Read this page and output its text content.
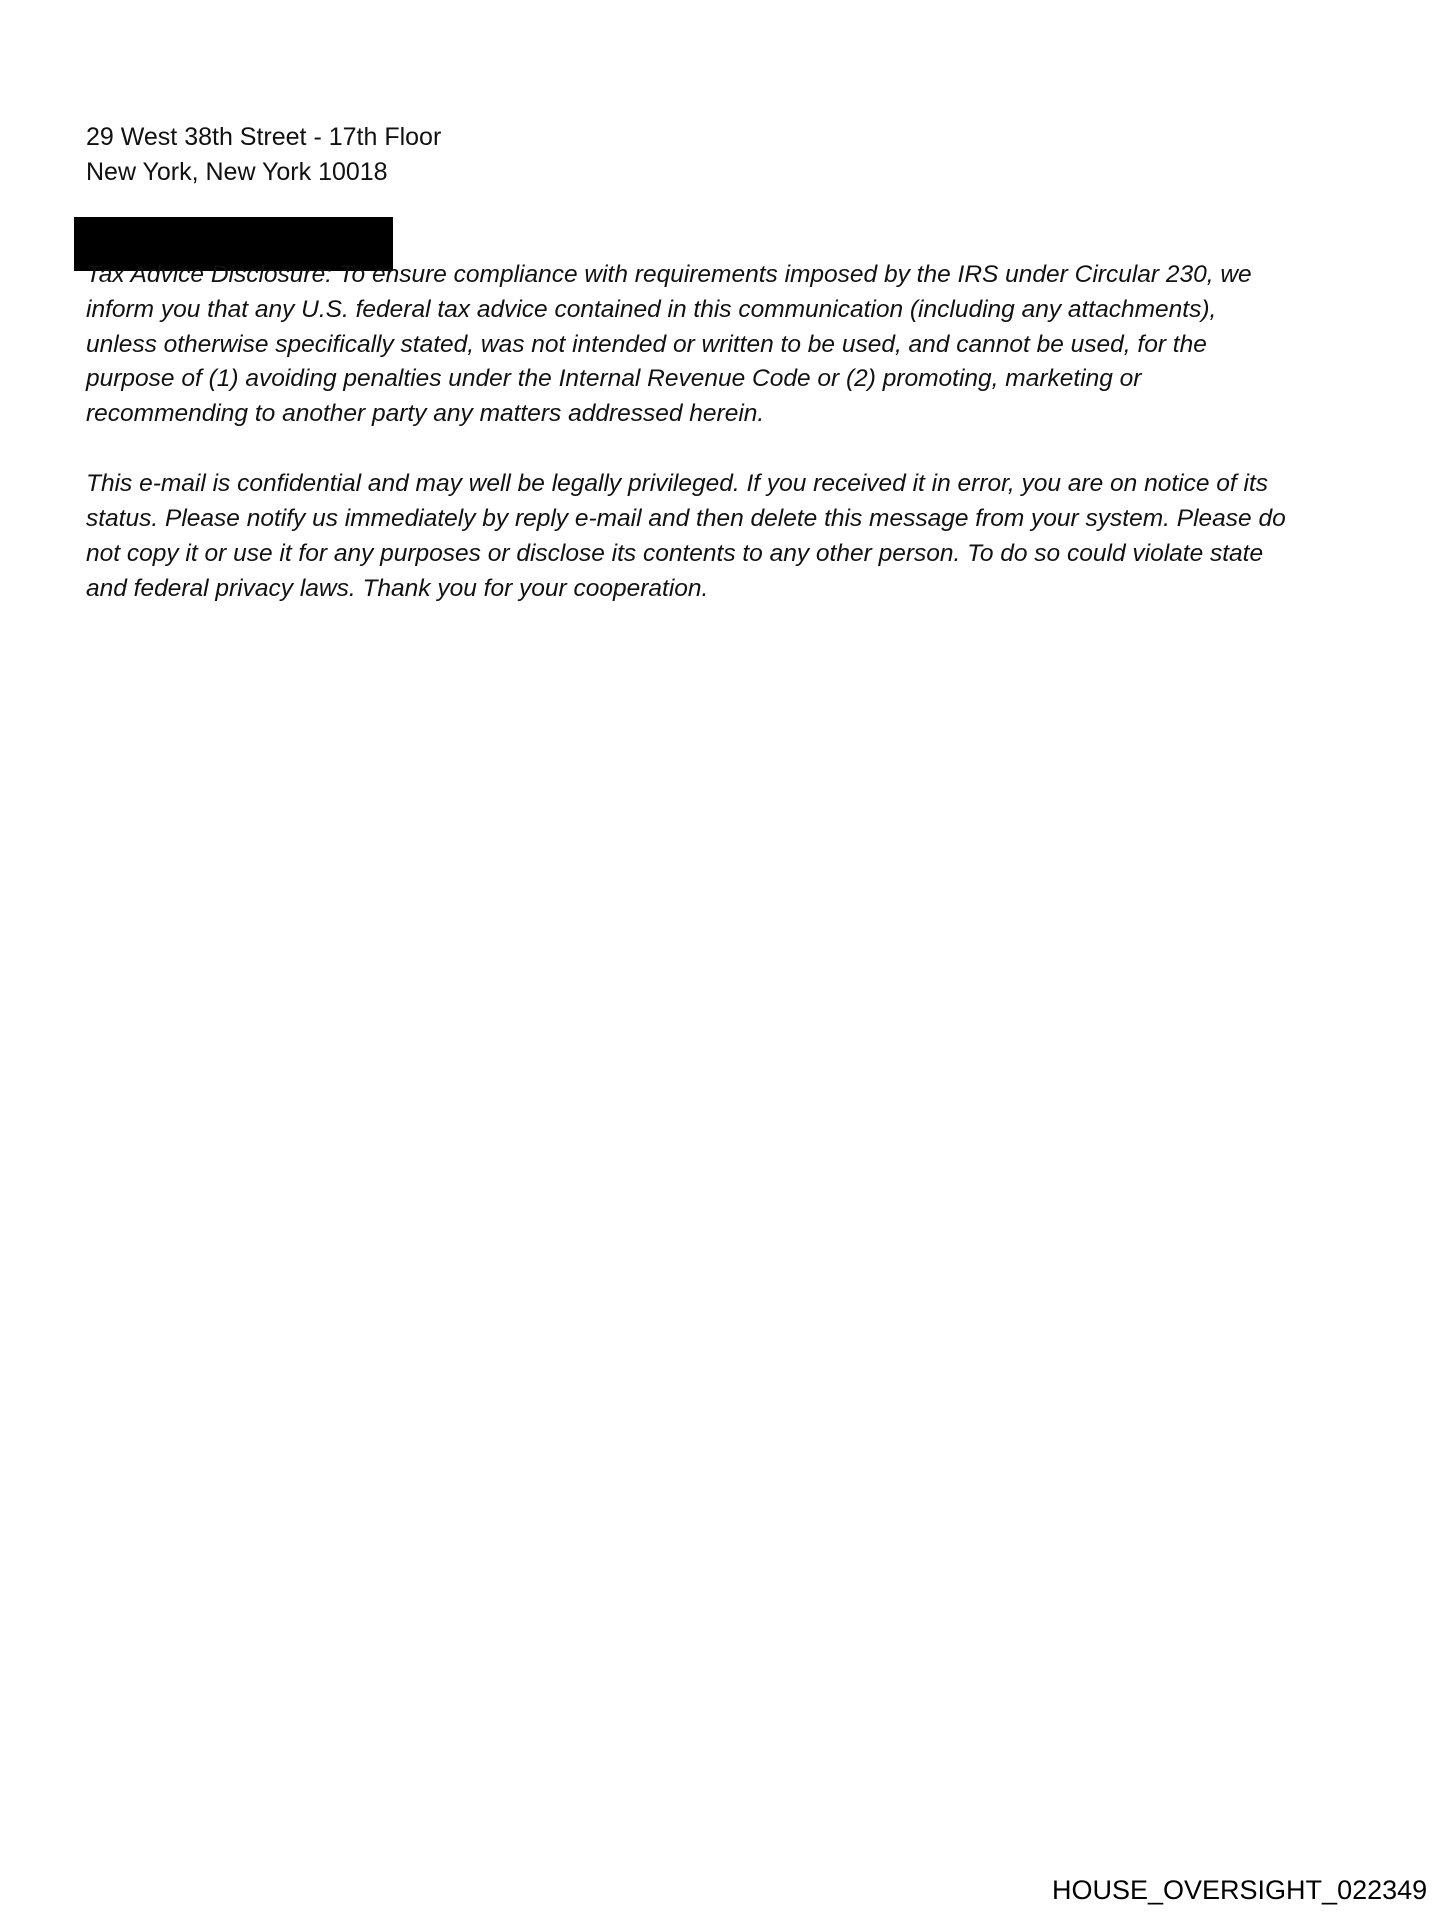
29 West 38th Street - 17th Floor
New York, New York 10018
Tax Advice Disclosure: To ensure compliance with requirements imposed by the IRS under Circular 230, we
inform you that any U.S. federal tax advice contained in this communication (including any attachments),
unless otherwise specifically stated, was not intended or written to be used, and cannot be used, for the
purpose of (1) avoiding penalties under the Internal Revenue Code or (2) promoting, marketing or
recommending to another party any matters addressed herein.
This e-mail is confidential and may well be legally privileged. If you received it in error, you are on notice of its
status. Please notify us immediately by reply e-mail and then delete this message from your system. Please do
not copy it or use it for any purposes or disclose its contents to any other person. To do so could violate state
and federal privacy laws. Thank you for your cooperation.
HOUSE_OVERSIGHT_022349
